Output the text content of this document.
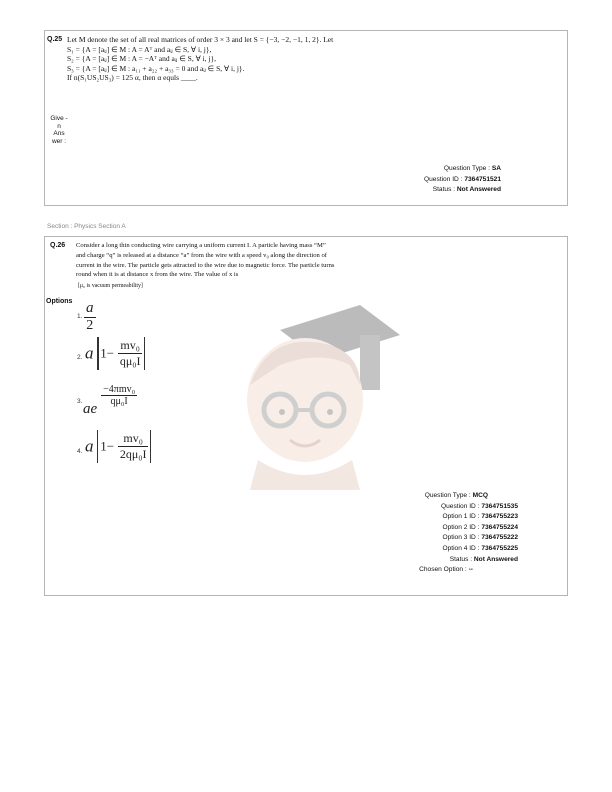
Q.25 Let M denote the set of all real matrices of order 3 × 3 and let S = {−3, −2, −1, 1, 2}. Let
S₁ = {A = [aᵢⱼ] ∈ M : A = Aᵀ and aᵢⱼ ∈ S, ∀ i, j},
S₂ = {A = [aᵢⱼ] ∈ M : A = −Aᵀ and aᵢⱼ ∈ S, ∀ i, j},
S₃ = {A = [aᵢⱼ] ∈ M : a₁₁ + a₂₂ + a₃₃ = 0 and aᵢⱼ ∈ S, ∀ i, j}.
If n(S₁US₂US₃) = 125 α, then α equls ____.
Give -
n
Ans
wer :
Question Type : SA
Question ID : 7364751521
Status : Not Answered
Section : Physics Section A
Q.26 Consider a long thin conducting wire carrying a uniform current I. A particle having mass “M”
and charge “q” is released at a distance “a” from the wire with a speed v₀ along the direction of
current in the wire. The particle gets attracted to the wire due to magnetic force. The particle turns
round when it is at distance x from the wire. The value of x is
[μ₀ is vacuum permeability]
Options
1. $\frac{a}{2}$
2. a $1- \frac{\text{mv₀}}{\text{qμ₀I}}$
3. ae
$\frac{\text{−4πmv₀}}{\text{qμ₀I}}$
4. a $1- \frac{\text{mv₀}}{\text{2qμ₀I}}$
Question Type : MCQ
Question ID : 7364751535
Option 1 ID : 7364755223
Option 2 ID : 7364755224
Option 3 ID : 7364755222
Option 4 ID : 7364755225
Status : Not Answered
Chosen Option : --
